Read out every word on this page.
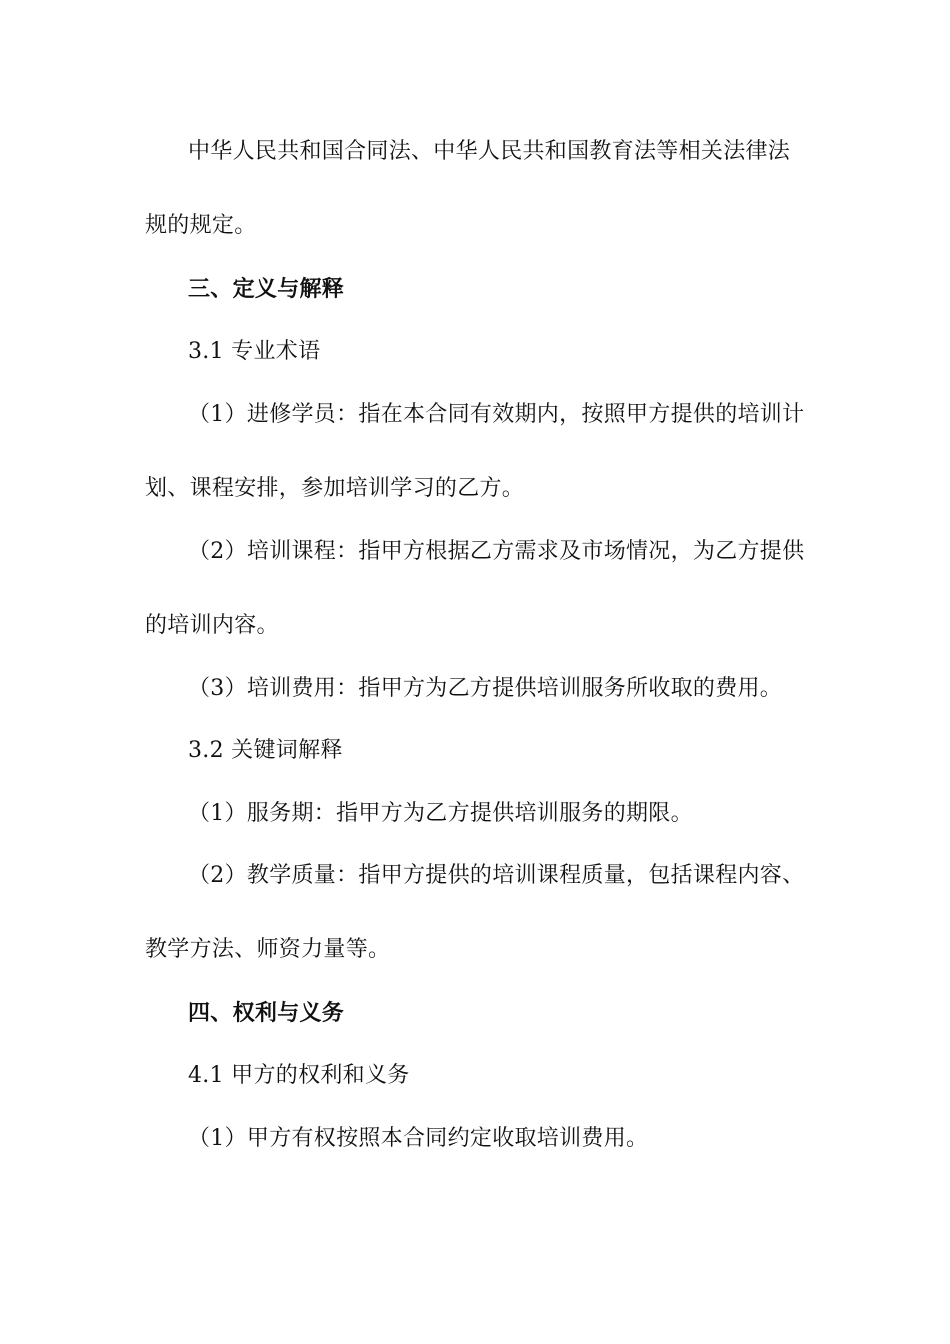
中华人民共和国合同法、中华人民共和国教育法等相关法律法
规的规定。
三、定义与解释
3.1 专业术语
（1）进修学员：指在本合同有效期内，按照甲方提供的培训计
划、课程安排，参加培训学习的乙方。
（2）培训课程：指甲方根据乙方需求及市场情况，为乙方提供
的培训内容。
（3）培训费用：指甲方为乙方提供培训服务所收取的费用。
3.2 关键词解释
（1）服务期：指甲方为乙方提供培训服务的期限。
（2）教学质量：指甲方提供的培训课程质量，包括课程内容、
教学方法、师资力量等。
四、权利与义务
4.1 甲方的权利和义务
（1）甲方有权按照本合同约定收取培训费用。
